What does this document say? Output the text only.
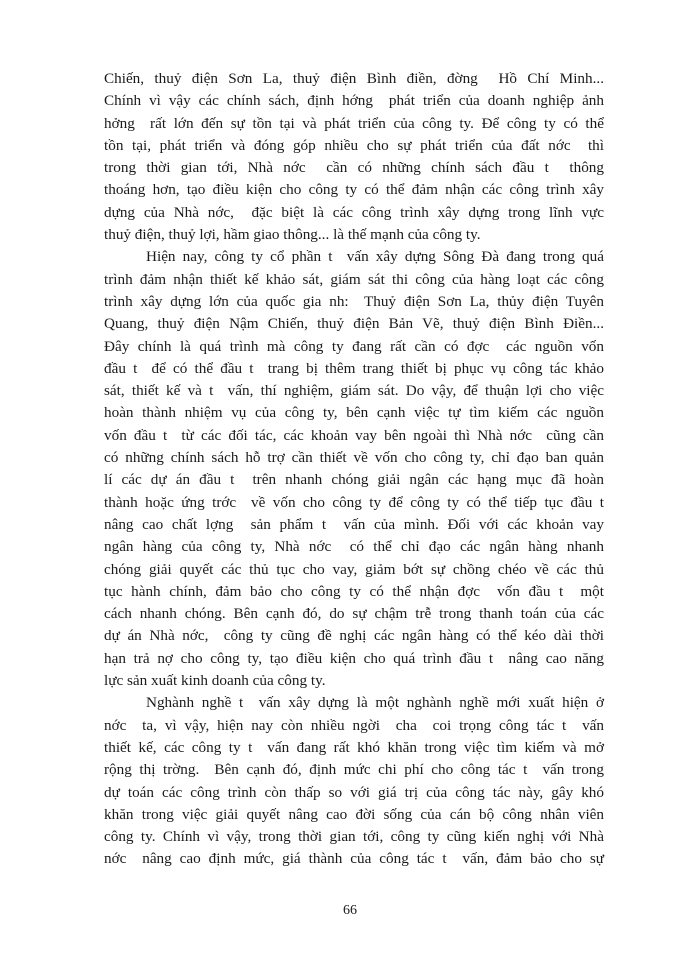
Chiến, thuỷ điện Sơn La, thuỷ điện Bình điền, đờng  Hồ Chí Minh...
Chính vì vậy các chính sách, định hớng  phát triển của doanh nghiệp ảnh
hởng  rất lớn đến sự tồn tại và phát triển của công ty. Để công ty có thể
tồn tại, phát triển và đóng góp nhiều cho sự phát triển của đất nớc  thì
trong thời gian tới, Nhà nớc  cần có những chính sách đầu t  thông
thoáng hơn, tạo điều kiện cho công ty có thể đảm nhận các công trình xây
dựng của Nhà nớc,  đặc biệt là các công trình xây dựng trong lĩnh vực
thuỷ điện, thuỷ lợi, hầm giao thông... là thế mạnh của công ty.
Hiện nay, công ty cổ phần t  vấn xây dựng Sông Đà đang trong quá
trình đảm nhận thiết kế khảo sát, giám sát thi công của hàng loạt các công
trình xây dựng lớn của quốc gia nh:  Thuỷ điện Sơn La, thủy điện Tuyên
Quang, thuỷ điện Nậm Chiến, thuỷ điện Bản Vẽ, thuỷ điện Bình Điền...
Đây chính là quá trình mà công ty đang rất cần có đợc  các nguồn vốn
đầu t  để có thể đầu t  trang bị thêm trang thiết bị phục vụ công tác khảo
sát, thiết kế và t  vấn, thí nghiệm, giám sát. Do vậy, để thuận lợi cho việc
hoàn thành nhiệm vụ của công ty, bên cạnh việc tự tìm kiếm các nguồn
vốn đầu t  từ các đối tác, các khoản vay bên ngoài thì Nhà nớc  cũng cần
có những chính sách hỗ trợ cần thiết về vốn cho công ty, chỉ đạo ban quản
lí các dự án đầu t  trên nhanh chóng giải ngân các hạng mục đã hoàn
thành hoặc ứng trớc  về vốn cho công ty để công ty có thể tiếp tục đầu t
nâng cao chất lợng  sản phẩm t  vấn của mình. Đối với các khoản vay
ngân hàng của công ty, Nhà nớc  có thể chỉ đạo các ngân hàng nhanh
chóng giải quyết các thủ tục cho vay, giảm bớt sự chồng chéo về các thủ
tục hành chính, đảm bảo cho công ty có thể nhận đợc  vốn đầu t  một
cách nhanh chóng. Bên cạnh đó, do sự chậm trễ trong thanh toán của các
dự án Nhà nớc,  công ty cũng đề nghị các ngân hàng có thể kéo dài thời
hạn trả nợ cho công ty, tạo điều kiện cho quá trình đầu t  nâng cao năng
lực sản xuất kinh doanh của công ty.
Nghành nghề t  vấn xây dựng là một nghành nghề mới xuất hiện ở
nớc  ta, vì vậy, hiện nay còn nhiều ngời  cha  coi trọng công tác t  vấn
thiết kế, các công ty t  vấn đang rất khó khăn trong việc tìm kiếm và mở
rộng thị trờng.  Bên cạnh đó, định mức chi phí cho công tác t  vấn trong
dự toán các công trình còn thấp so với giá trị của công tác này, gây khó
khăn trong việc giải quyết nâng cao đời sống của cán bộ công nhân viên
công ty. Chính vì vậy, trong thời gian tới, công ty cũng kiến nghị với Nhà
nớc  nâng cao định mức, giá thành của công tác t  vấn, đảm bảo cho sự
66
